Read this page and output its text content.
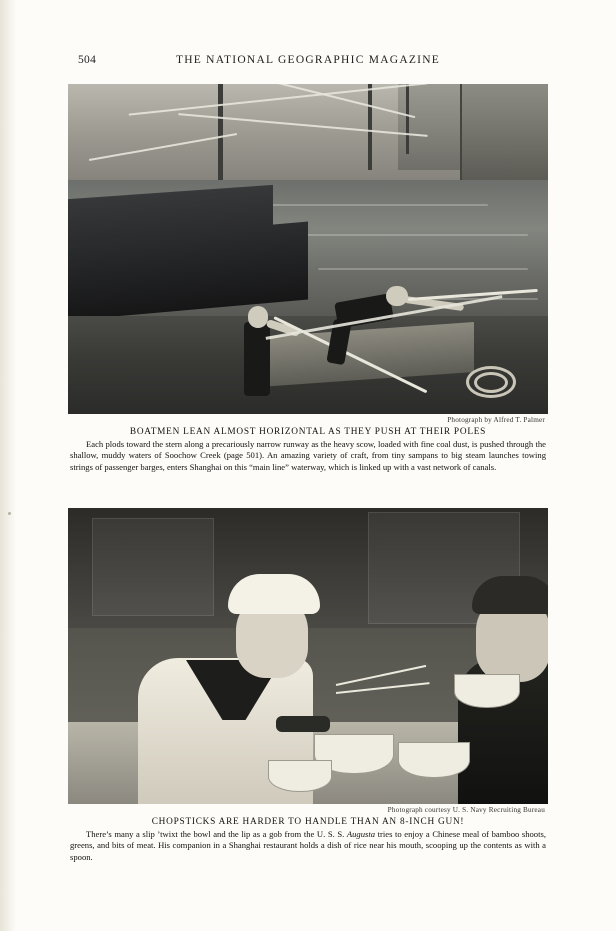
504	THE NATIONAL GEOGRAPHIC MAGAZINE
Photograph by Alfred T. Palmer
BOATMEN LEAN ALMOST HORIZONTAL AS THEY PUSH AT THEIR POLES
Each plods toward the stern along a precariously narrow runway as the heavy scow, loaded with fine coal dust, is pushed through the shallow, muddy waters of Soochow Creek (page 501). An amazing variety of craft, from tiny sampans to big steam launches towing strings of passenger barges, enters Shanghai on this “main line” waterway, which is linked up with a vast network of canals.
Photograph courtesy U. S. Navy Recruiting Bureau
CHOPSTICKS ARE HARDER TO HANDLE THAN AN 8-INCH GUN!
There’s many a slip ’twixt the bowl and the lip as a gob from the U. S. S. Augusta tries to enjoy a Chinese meal of bamboo shoots, greens, and bits of meat. His companion in a Shanghai restaurant holds a dish of rice near his mouth, scooping up the contents as with a spoon.
